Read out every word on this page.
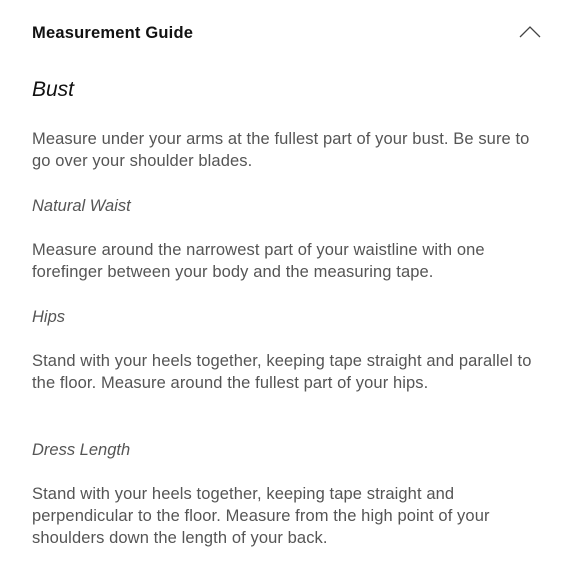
Measurement Guide
Bust
Measure under your arms at the fullest part of your bust. Be sure to go over your shoulder blades.
Natural Waist
Measure around the narrowest part of your waistline with one forefinger between your body and the measuring tape.
Hips
Stand with your heels together, keeping tape straight and parallel to the floor. Measure around the fullest part of your hips.
Dress Length
Stand with your heels together, keeping tape straight and perpendicular to the floor. Measure from the high point of your shoulders down the length of your back.
